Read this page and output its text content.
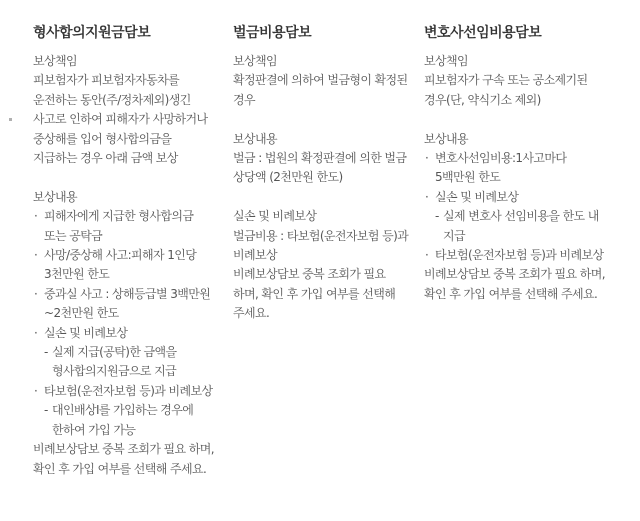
형사합의지원금담보
보상책임
피보험자가 피보험자자동차를 운전하는 동안(주/정차제외)생긴 사고로 인하여 피해자가 사망하거나 중상해를 입어 형사합의금을 지급하는 경우 아래 금액 보상
보상내용
· 피해자에게 지급한 형사합의금 또는 공탁금
· 사망/중상해 사고:피해자 1인당 3천만원 한도
· 중과실 사고 : 상해등급별 3백만원~2천만원 한도
· 실손 및 비례보상
- 실제 지급(공탁)한 금액을 형사합의지원금으로 지급
· 타보험(운전자보험 등)과 비례보상
- 대인배상I를 가입하는 경우에 한하여 가입 가능
비례보상담보 중복 조회가 필요 하며, 확인 후 가입 여부를 선택해 주세요.
벌금비용담보
보상책임
확정판결에 의하여 벌금형이 확정된 경우
보상내용
벌금 : 법원의 확정판결에 의한 벌금 상당액 (2천만원 한도)
실손 및 비례보상
벌금비용 : 타보험(운전자보험 등)과 비례보상
비례보상담보 중복 조회가 필요 하며, 확인 후 가입 여부를 선택해 주세요.
변호사선임비용담보
보상책임
피보험자가 구속 또는 공소제기된 경우(단, 약식기소 제외)
보상내용
· 변호사선임비용:1사고마다 5백만원 한도
· 실손 및 비례보상
- 실제 변호사 선임비용을 한도 내 지급
· 타보험(운전자보험 등)과 비례보상
비례보상담보 중복 조회가 필요 하며, 확인 후 가입 여부를 선택해 주세요.
